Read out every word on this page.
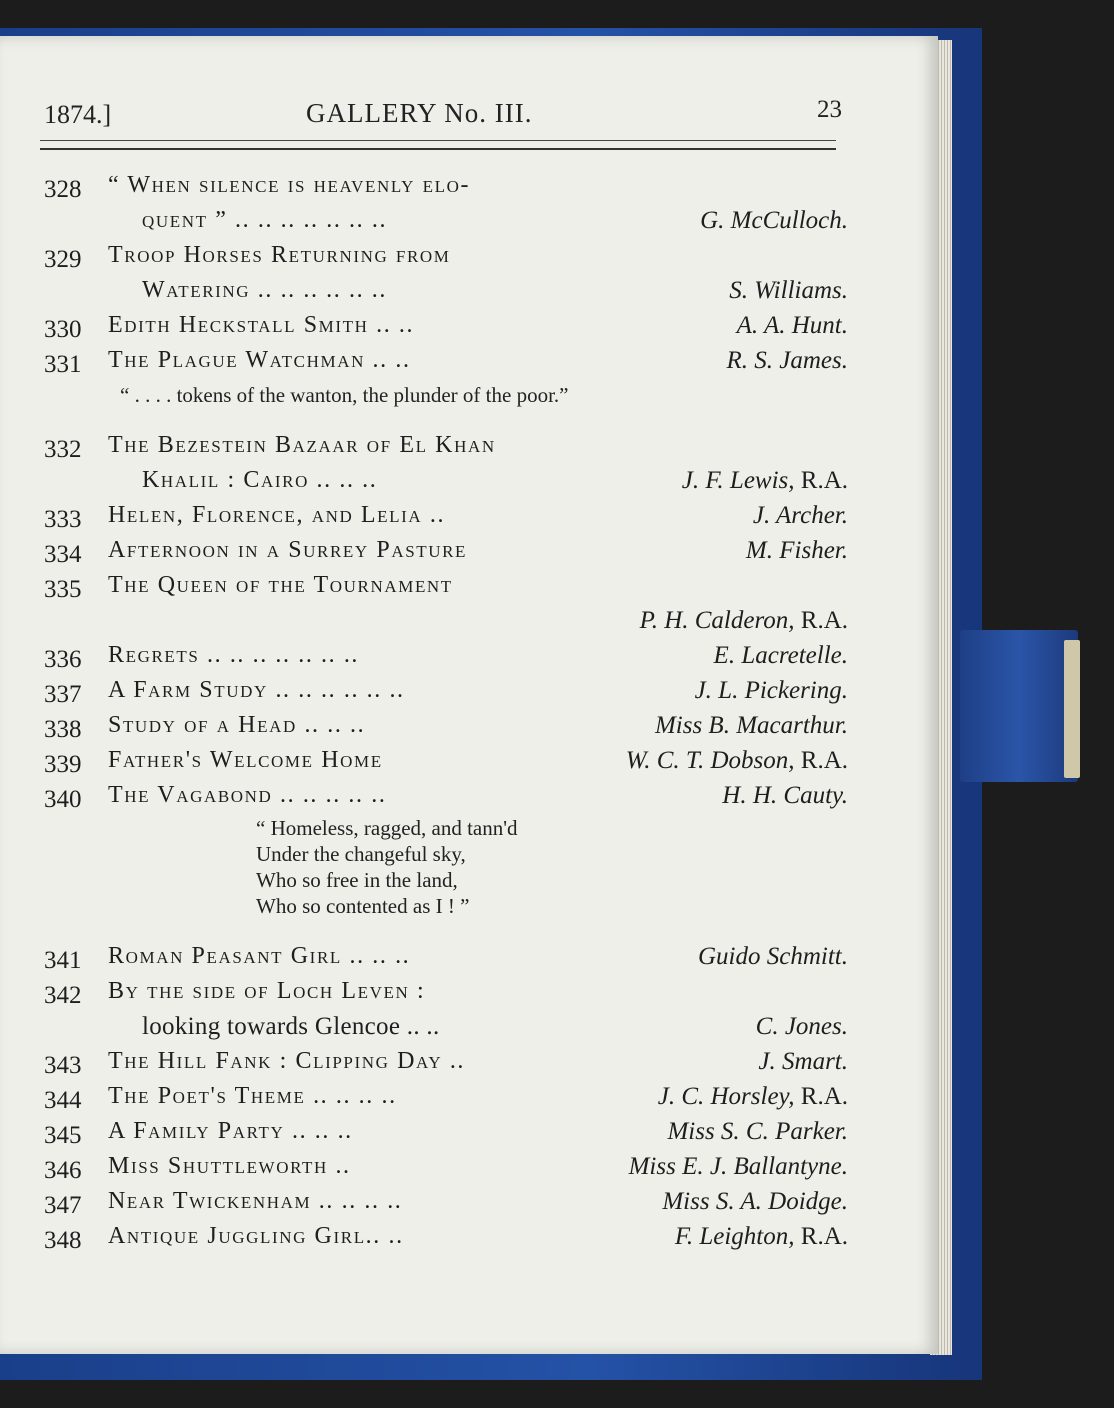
1874.]	GALLERY No. III.	23
328 “ When silence is heavenly elo-
quent ” .. .. .. .. .. .. ..	G. McCulloch.
329 Troop Horses Returning from
Watering .. .. .. .. .. ..	S. Williams.
330 Edith Heckstall Smith .. ..	A. A. Hunt.
331 The Plague Watchman .. ..	R. S. James.
“ . . . . tokens of the wanton, the plunder of the poor.”
332 The Bezestein Bazaar of El Khan
Khalil : Cairo .. .. ..	J. F. Lewis, R.A.
333 Helen, Florence, and Lelia ..	J. Archer.
334 Afternoon in a Surrey Pasture	M. Fisher.
335 The Queen of the Tournament
P. H. Calderon, R.A.
336 Regrets .. .. .. .. .. .. ..	E. Lacretelle.
337 A Farm Study .. .. .. .. .. ..	J. L. Pickering.
338 Study of a Head .. .. ..	Miss B. Macarthur.
339 Father's Welcome Home	W. C. T. Dobson, R.A.
340 The Vagabond .. .. .. .. ..	H. H. Cauty.
“ Homeless, ragged, and tann'd
Under the changeful sky,
Who so free in the land,
Who so contented as I ! ”
341 Roman Peasant Girl .. .. ..	Guido Schmitt.
342 By the side of Loch Leven :
looking towards Glencoe .. ..	C. Jones.
343 The Hill Fank : Clipping Day ..	J. Smart.
344 The Poet's Theme .. .. .. ..	J. C. Horsley, R.A.
345 A Family Party .. .. ..	Miss S. C. Parker.
346 Miss Shuttleworth ..	Miss E. J. Ballantyne.
347 Near Twickenham .. .. .. ..	Miss S. A. Doidge.
348 Antique Juggling Girl.. ..	F. Leighton, R.A.
